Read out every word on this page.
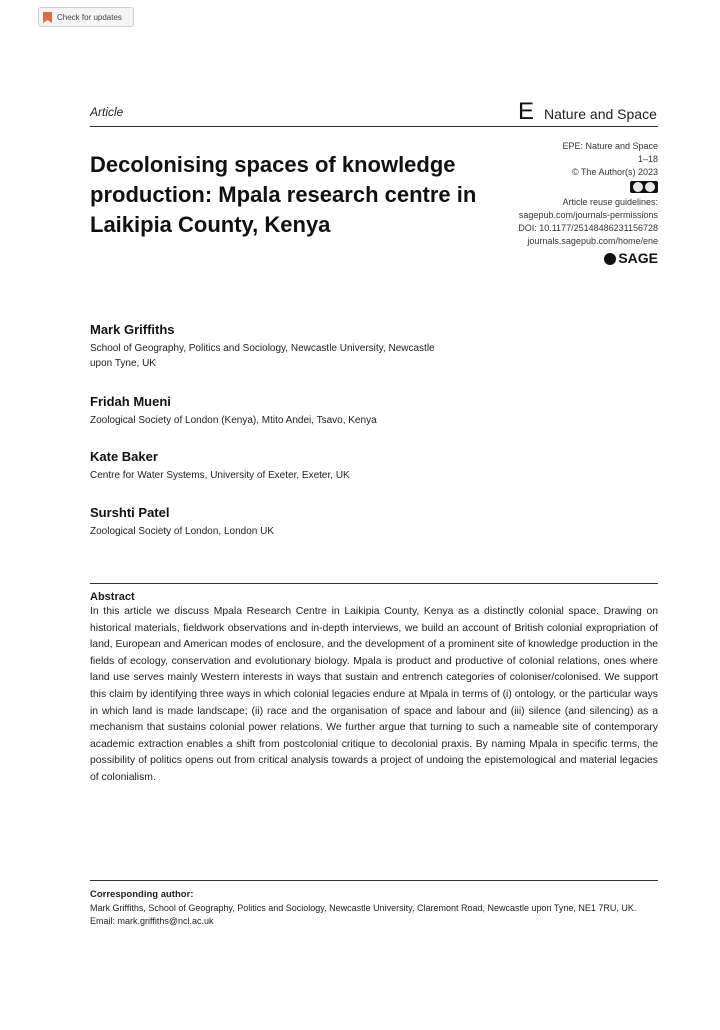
Check for updates
Article	E Nature and Space
Decolonising spaces of knowledge production: Mpala research centre in Laikipia County, Kenya
EPE: Nature and Space
1–18
© The Author(s) 2023
Article reuse guidelines:
sagepub.com/journals-permissions
DOI: 10.1177/25148486231156728
journals.sagepub.com/home/ene
SAGE
Mark Griffiths
School of Geography, Politics and Sociology, Newcastle University, Newcastle upon Tyne, UK
Fridah Mueni
Zoological Society of London (Kenya), Mtito Andei, Tsavo, Kenya
Kate Baker
Centre for Water Systems, University of Exeter, Exeter, UK
Surshti Patel
Zoological Society of London, London UK
Abstract
In this article we discuss Mpala Research Centre in Laikipia County, Kenya as a distinctly colonial space. Drawing on historical materials, fieldwork observations and in-depth interviews, we build an account of British colonial expropriation of land, European and American modes of enclosure, and the development of a prominent site of knowledge production in the fields of ecology, conservation and evolutionary biology. Mpala is product and productive of colonial relations, ones where land use serves mainly Western interests in ways that sustain and entrench categories of coloniser/colonised. We support this claim by identifying three ways in which colonial legacies endure at Mpala in terms of (i) ontology, or the particular ways in which land is made landscape; (ii) race and the organisation of space and labour and (iii) silence (and silencing) as a mechanism that sustains colonial power relations. We further argue that turning to such a nameable site of contemporary academic extraction enables a shift from postcolonial critique to decolonial praxis. By naming Mpala in specific terms, the possibility of politics opens out from critical analysis towards a project of undoing the epistemological and material legacies of colonialism.
Corresponding author:
Mark Griffiths, School of Geography, Politics and Sociology, Newcastle University, Claremont Road, Newcastle upon Tyne, NE1 7RU, UK.
Email: mark.griffiths@ncl.ac.uk
